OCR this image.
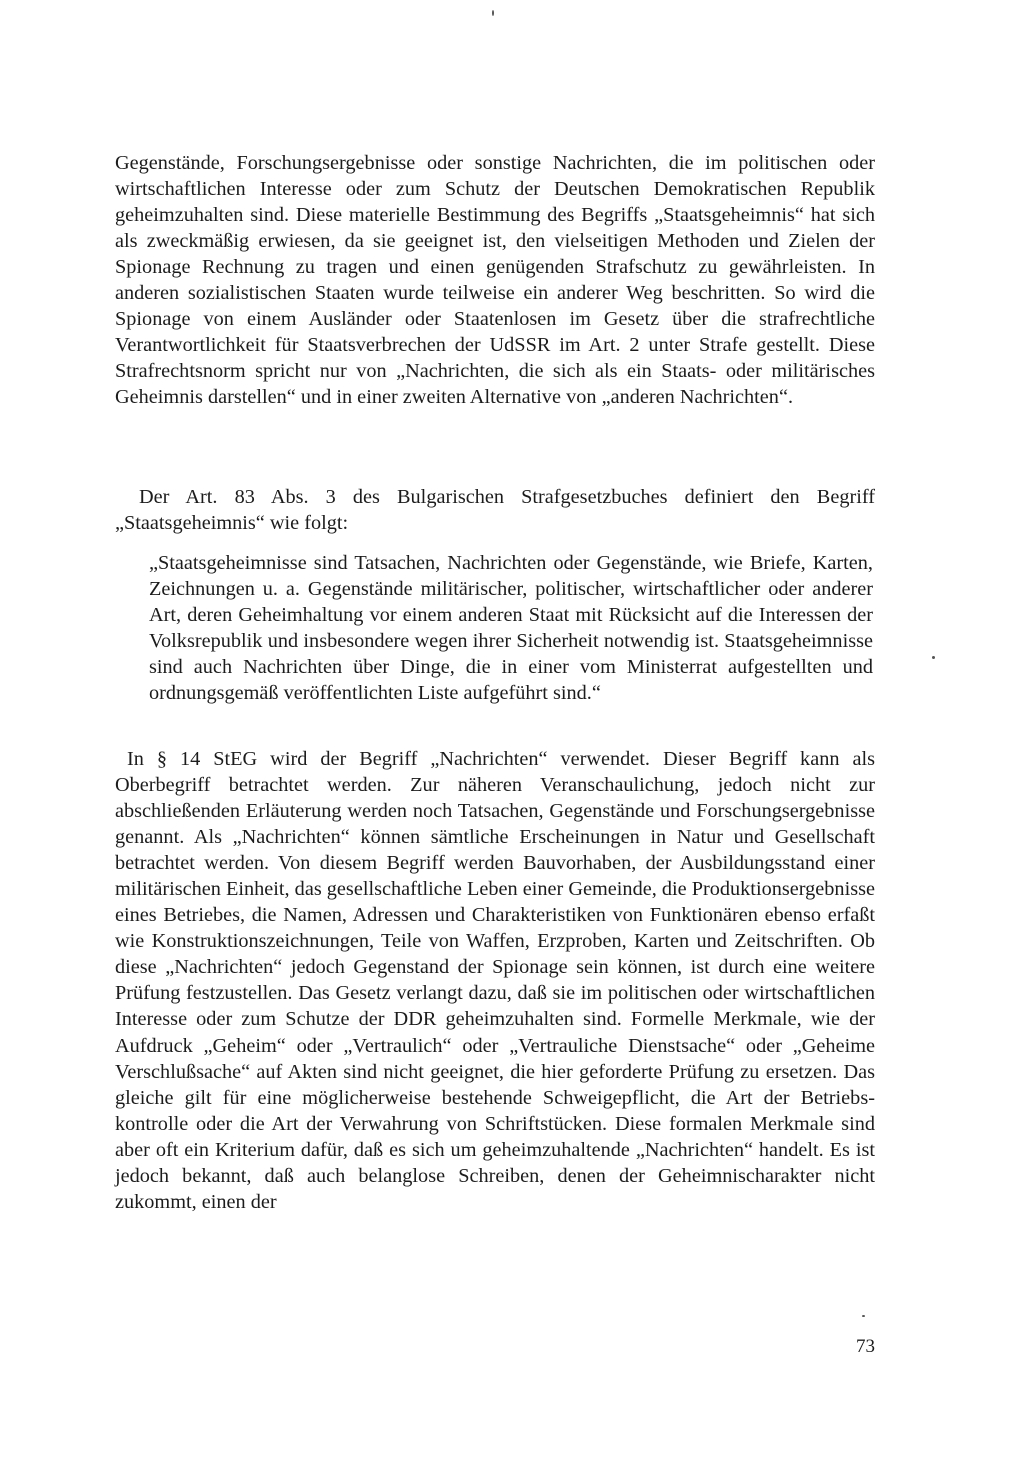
Gegenstände, Forschungsergebnisse oder sonstige Nachrichten, die im politischen oder wirtschaftlichen Interesse oder zum Schutz der Deutschen Demokratischen Republik geheimzuhalten sind. Diese materielle Bestimmung des Begriffs „Staatsgeheimnis“ hat sich als zweckmäßig erwiesen, da sie geeignet ist, den vielseitigen Methoden und Zielen der Spionage Rechnung zu tragen und einen genügenden Strafschutz zu gewährleisten. In anderen sozialistischen Staaten wurde teilweise ein anderer Weg beschritten. So wird die Spionage von einem Ausländer oder Staatenlosen im Gesetz über die strafrechtliche Verantwortlichkeit für Staatsverbrechen der UdSSR im Art. 2 unter Strafe gestellt. Diese Strafrechtsnorm spricht nur von „Nachrichten, die sich als ein Staats- oder militärisches Geheimnis darstellen“ und in einer zweiten Alternative von „anderen Nachrichten“.

Der Art. 83 Abs. 3 des Bulgarischen Strafgesetzbuches definiert den Begriff „Staatsgeheimnis“ wie folgt:

„Staatsgeheimnisse sind Tatsachen, Nachrichten oder Gegenstände, wie Briefe, Karten, Zeichnungen u. a. Gegenstände militärischer, politischer, wirtschaftlicher oder anderer Art, deren Geheimhaltung vor einem anderen Staat mit Rücksicht auf die Interessen der Volksrepublik und insbesondere wegen ihrer Sicherheit notwendig ist. Staatsgeheimnisse sind auch Nachrichten über Dinge, die in einer vom Ministerrat aufgestellten und ordnungsgemäß veröffentlichten Liste aufgeführt sind.“

In § 14 StEG wird der Begriff „Nachrichten“ verwendet. Dieser Begriff kann als Oberbegriff betrachtet werden. Zur näheren Veranschaulichung, jedoch nicht zur abschließenden Erläuterung werden noch Tatsachen, Gegenstände und Forschungsergebnisse genannt. Als „Nachrichten“ können sämtliche Erscheinungen in Natur und Gesellschaft betrachtet werden. Von diesem Begriff werden Bauvorhaben, der Ausbildungsstand einer militärischen Einheit, das gesellschaftliche Leben einer Gemeinde, die Produktionsergebnisse eines Betriebes, die Namen, Adressen und Charakteristiken von Funktionären ebenso erfaßt wie Konstruktionszeichnungen, Teile von Waffen, Erzproben, Karten und Zeitschriften. Ob diese „Nachrichten“ jedoch Gegenstand der Spionage sein können, ist durch eine weitere Prüfung festzustellen. Das Gesetz verlangt dazu, daß sie im politischen oder wirtschaftlichen Interesse oder zum Schutze der DDR geheimzuhalten sind. Formelle Merkmale, wie der Aufdruck „Geheim“ oder „Vertraulich“ oder „Vertrauliche Dienstsache“ oder „Geheime Verschlußsache“ auf Akten sind nicht geeignet, die hier geforderte Prüfung zu ersetzen. Das gleiche gilt für eine möglicherweise bestehende Schweigepflicht, die Art der Betriebskontrolle oder die Art der Verwahrung von Schriftstücken. Diese formalen Merkmale sind aber oft ein Kriterium dafür, daß es sich um geheimzuhaltende „Nachrichten“ handelt. Es ist jedoch bekannt, daß auch belanglose Schreiben, denen der Geheimnischarakter nicht zukommt, einen der

73
